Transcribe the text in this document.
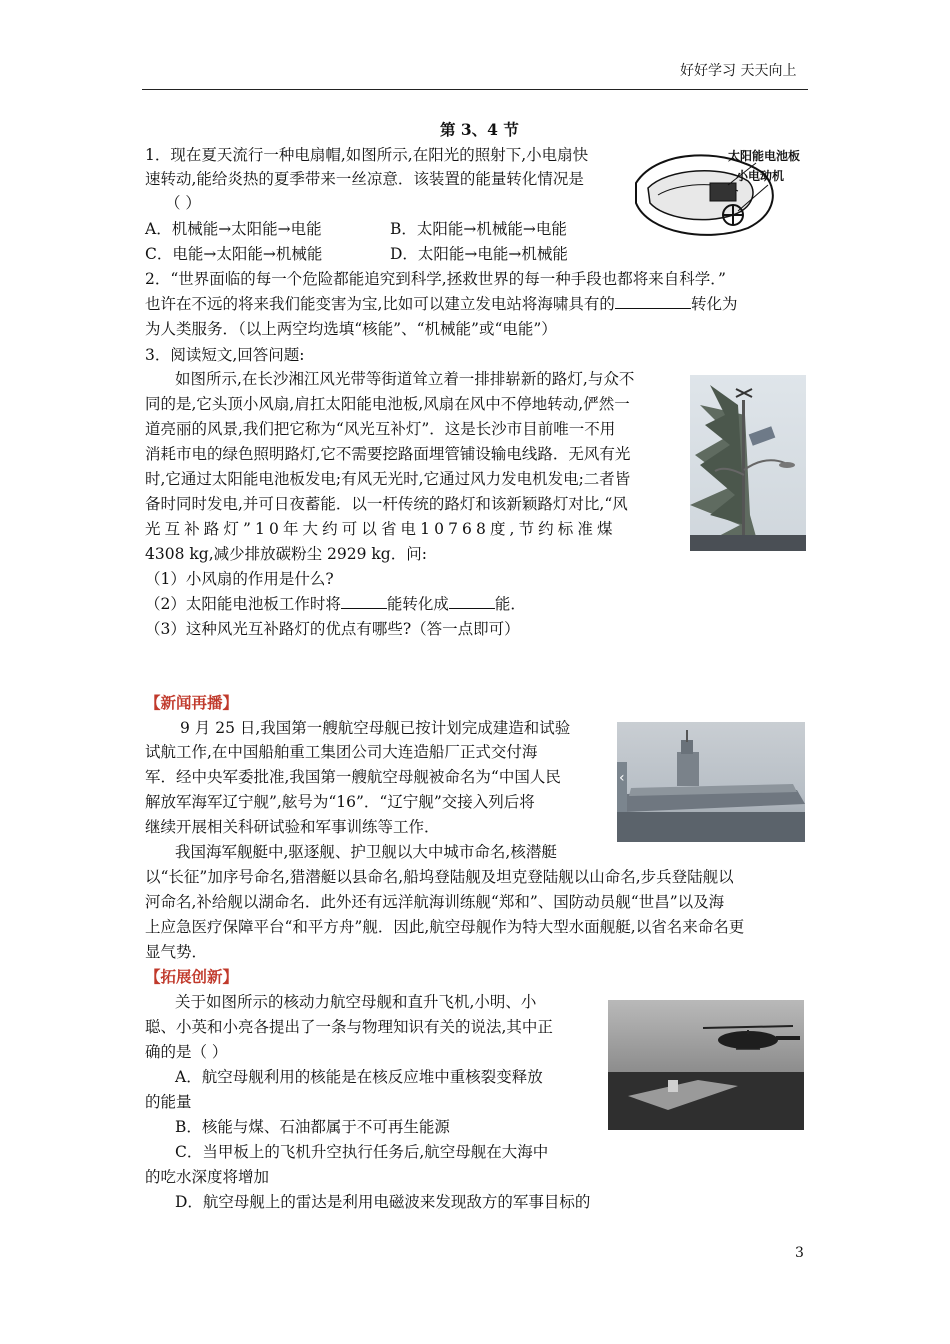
好好学习 天天向上
第 3、4 节
1．现在夏天流行一种电扇帽,如图所示,在阳光的照射下,小电扇快
速转动,能给炎热的夏季带来一丝凉意．该装置的能量转化情况是
（ ）
A．机械能→太阳能→电能	B．太阳能→机械能→电能
C．电能→太阳能→机械能	D．太阳能→电能→机械能
太阳能电池板
小电动机
2．“世界面临的每一个危险都能追究到科学,拯救世界的每一种手段也都将来自科学．”
也许在不远的将来我们能变害为宝,比如可以建立发电站将海啸具有的	转化为
为人类服务．（以上两空均选填“核能”、“机械能”或“电能”）
3．阅读短文,回答问题:
如图所示,在长沙湘江风光带等街道耸立着一排排崭新的路灯,与众不
同的是,它头顶小风扇,肩扛太阳能电池板,风扇在风中不停地转动,俨然一
道亮丽的风景,我们把它称为“风光互补灯”．这是长沙市目前唯一不用
消耗市电的绿色照明路灯,它不需要挖路面埋管铺设输电线路．无风有光
时,它通过太阳能电池板发电;有风无光时,它通过风力发电机发电;二者皆
备时同时发电,并可日夜蓄能．以一杆传统的路灯和该新颖路灯对比,“风
光互补路灯”10年大约可以省电10768度,节约标准煤
4308 kg,减少排放碳粉尘 2929 kg．问:
（1）小风扇的作用是什么?
（2）太阳能电池板工作时将	能转化成	能．
（3）这种风光互补路灯的优点有哪些?（答一点即可）
【新闻再播】
9 月 25 日,我国第一艘航空母舰已按计划完成建造和试验
试航工作,在中国船舶重工集团公司大连造船厂正式交付海
军．经中央军委批准,我国第一艘航空母舰被命名为“中国人民
解放军海军辽宁舰”,舷号为“16”．“辽宁舰”交接入列后将
继续开展相关科研试验和军事训练等工作．
我国海军舰艇中,驱逐舰、护卫舰以大中城市命名,核潜艇
以“长征”加序号命名,猎潜艇以县命名,船坞登陆舰及坦克登陆舰以山命名,步兵登陆舰以
河命名,补给舰以湖命名．此外还有远洋航海训练舰“郑和”、国防动员舰“世昌”以及海
上应急医疗保障平台“和平方舟”舰．因此,航空母舰作为特大型水面舰艇,以省名来命名更
显气势．
‹
【拓展创新】
关于如图所示的核动力航空母舰和直升飞机,小明、小
聪、小英和小亮各提出了一条与物理知识有关的说法,其中正
确的是（ ）
A．航空母舰利用的核能是在核反应堆中重核裂变释放
的能量
B．核能与煤、石油都属于不可再生能源
C．当甲板上的飞机升空执行任务后,航空母舰在大海中
的吃水深度将增加
D．航空母舰上的雷达是利用电磁波来发现敌方的军事目标的
3
